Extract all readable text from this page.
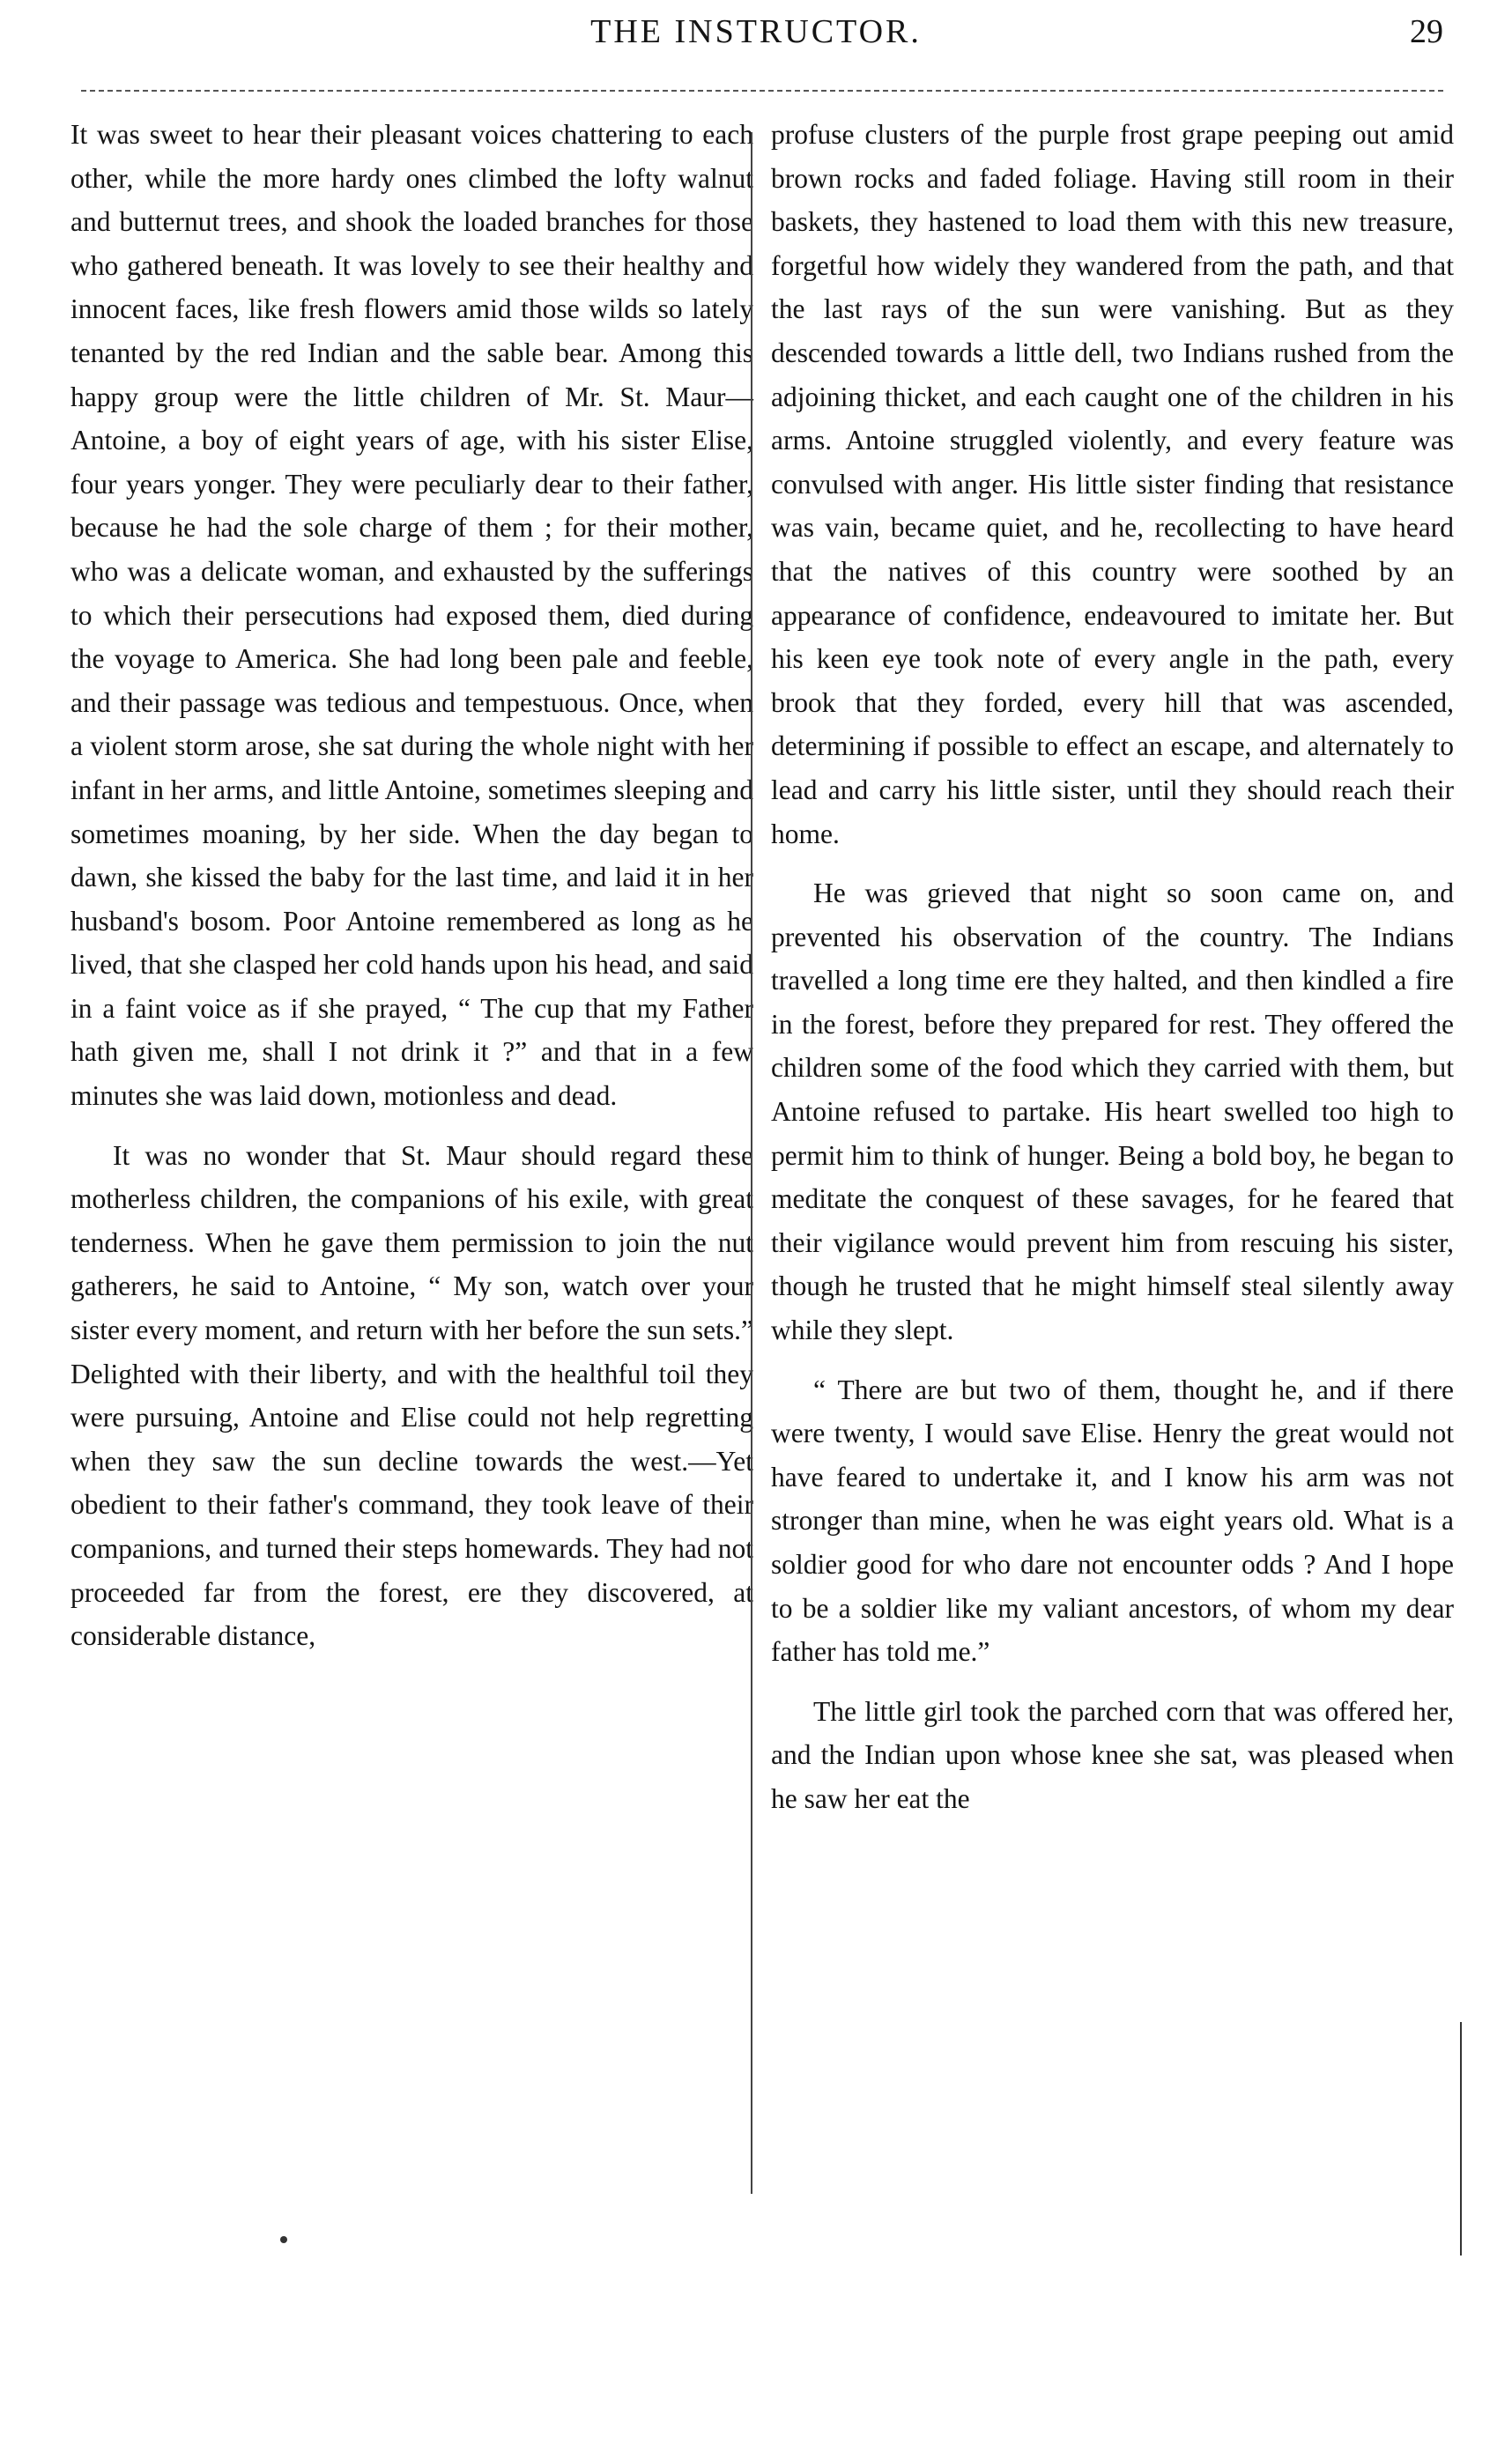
THE INSTRUCTOR.	29

It was sweet to hear their pleasant voices chattering to each other, while the more hardy ones climbed the lofty walnut and butternut trees, and shook the loaded branches for those who gathered beneath. It was lovely to see their healthy and innocent faces, like fresh flowers amid those wilds so lately tenanted by the red Indian and the sable bear. Among this happy group were the little children of Mr. St. Maur—Antoine, a boy of eight years of age, with his sister Elise, four years yonger. They were peculiarly dear to their father, because he had the sole charge of them ; for their mother, who was a delicate woman, and exhausted by the sufferings to which their persecutions had exposed them, died during the voyage to America. She had long been pale and feeble, and their passage was tedious and tempestuous. Once, when a violent storm arose, she sat during the whole night with her infant in her arms, and little Antoine, sometimes sleeping and sometimes moaning, by her side. When the day began to dawn, she kissed the baby for the last time, and laid it in her husband's bosom. Poor Antoine remembered as long as he lived, that she clasped her cold hands upon his head, and said in a faint voice as if she prayed, “ The cup that my Father hath given me, shall I not drink it ?” and that in a few minutes she was laid down, motionless and dead.

It was no wonder that St. Maur should regard these motherless children, the companions of his exile, with great tenderness. When he gave them permission to join the nut gatherers, he said to Antoine, “ My son, watch over your sister every moment, and return with her before the sun sets.” Delighted with their liberty, and with the healthful toil they were pursuing, Antoine and Elise could not help regretting when they saw the sun decline towards the west.—Yet obedient to their father's command, they took leave of their companions, and turned their steps homewards. They had not proceeded far from the forest, ere they discovered, at considerable distance,

profuse clusters of the purple frost grape peeping out amid brown rocks and faded foliage. Having still room in their baskets, they hastened to load them with this new treasure, forgetful how widely they wandered from the path, and that the last rays of the sun were vanishing. But as they descended towards a little dell, two Indians rushed from the adjoining thicket, and each caught one of the children in his arms. Antoine struggled violently, and every feature was convulsed with anger. His little sister finding that resistance was vain, became quiet, and he, recollecting to have heard that the natives of this country were soothed by an appearance of confidence, endeavoured to imitate her. But his keen eye took note of every angle in the path, every brook that they forded, every hill that was ascended, determining if possible to effect an escape, and alternately to lead and carry his little sister, until they should reach their home.

He was grieved that night so soon came on, and prevented his observation of the country. The Indians travelled a long time ere they halted, and then kindled a fire in the forest, before they prepared for rest. They offered the children some of the food which they carried with them, but Antoine refused to partake. His heart swelled too high to permit him to think of hunger. Being a bold boy, he began to meditate the conquest of these savages, for he feared that their vigilance would prevent him from rescuing his sister, though he trusted that he might himself steal silently away while they slept.

“ There are but two of them, thought he, and if there were twenty, I would save Elise. Henry the great would not have feared to undertake it, and I know his arm was not stronger than mine, when he was eight years old. What is a soldier good for who dare not encounter odds ? And I hope to be a soldier like my valiant ancestors, of whom my dear father has told me.”

The little girl took the parched corn that was offered her, and the Indian upon whose knee she sat, was pleased when he saw her eat the
